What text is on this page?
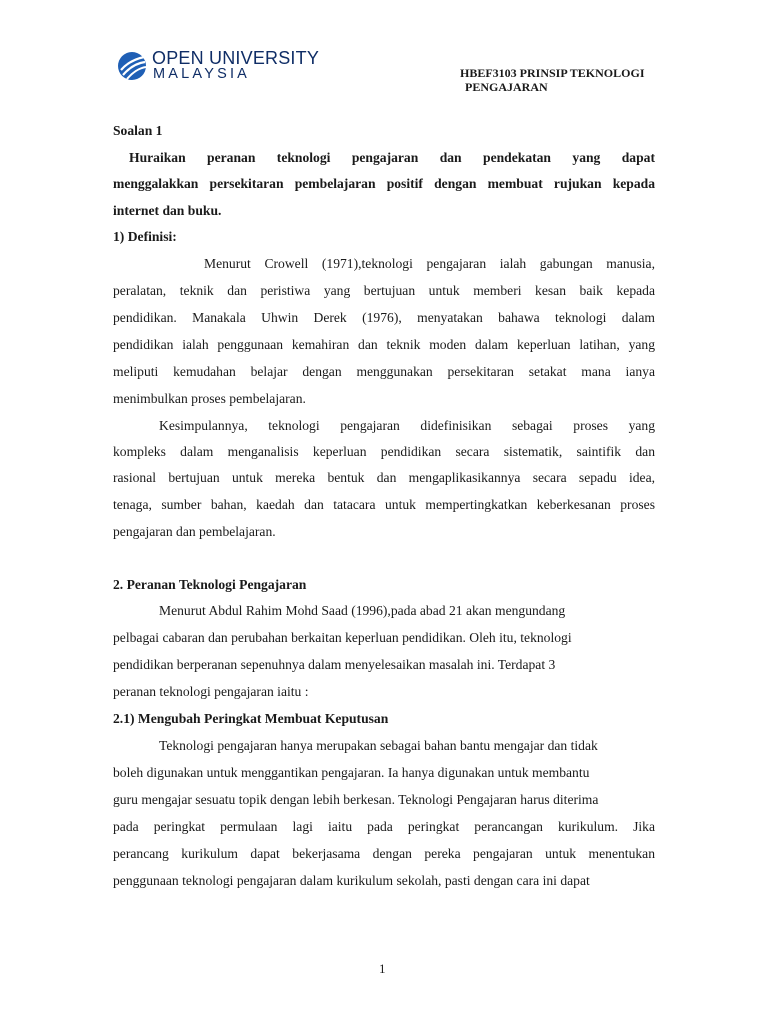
OPEN UNIVERSITY
MALAYSIA	HBEF3103 PRINSIP TEKNOLOGI
PENGAJARAN
Soalan 1
Huraikan peranan teknologi pengajaran dan pendekatan yang dapat
menggalakkan persekitaran pembelajaran positif dengan membuat rujukan kepada
internet dan buku.
1) Definisi:
Menurut Crowell (1971),teknologi pengajaran ialah gabungan manusia,
peralatan, teknik dan peristiwa yang bertujuan untuk memberi kesan baik kepada
pendidikan. Manakala Uhwin Derek (1976), menyatakan bahawa teknologi dalam
pendidikan ialah penggunaan kemahiran dan teknik moden dalam keperluan latihan, yang
meliputi kemudahan belajar dengan menggunakan persekitaran setakat mana ianya
menimbulkan proses pembelajaran.
Kesimpulannya, teknologi pengajaran didefinisikan sebagai proses yang
kompleks dalam menganalisis keperluan pendidikan secara sistematik, saintifik dan
rasional bertujuan untuk mereka bentuk dan mengaplikasikannya secara sepadu idea,
tenaga, sumber bahan, kaedah dan tatacara untuk mempertingkatkan keberkesanan proses
pengajaran dan pembelajaran.
2. Peranan Teknologi Pengajaran
Menurut Abdul Rahim Mohd Saad (1996),pada abad 21 akan mengundang
pelbagai cabaran dan perubahan berkaitan keperluan pendidikan. Oleh itu, teknologi
pendidikan berperanan sepenuhnya dalam menyelesaikan masalah ini. Terdapat 3
peranan teknologi pengajaran iaitu :
2.1) Mengubah Peringkat Membuat Keputusan
Teknologi pengajaran hanya merupakan sebagai bahan bantu mengajar dan tidak
boleh digunakan untuk menggantikan pengajaran. Ia hanya digunakan untuk membantu
guru mengajar sesuatu topik dengan lebih berkesan. Teknologi Pengajaran harus diterima
pada peringkat permulaan lagi iaitu pada peringkat perancangan kurikulum. Jika
perancang kurikulum dapat bekerjasama dengan pereka pengajaran untuk menentukan
penggunaan teknologi pengajaran dalam kurikulum sekolah, pasti dengan cara ini dapat
1
